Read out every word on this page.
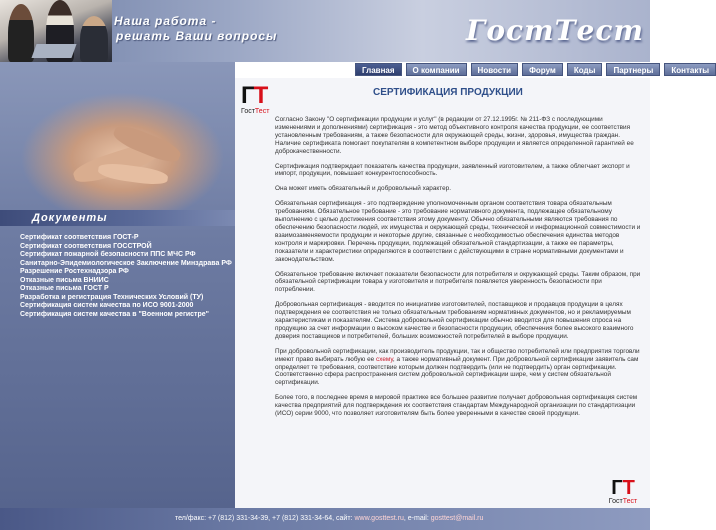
Наша работа -
решать Ваши вопросы	ГостТест
Главная	О компании	Новости	Форум	Коды	Партнеры	Контакты
Документы
Сертификат соответствия ГОСТ-Р
Сертификат соответствия ГОССТРОЙ
Сертификат пожарной безопасности ППС МЧС РФ
Санитарно-Эпидемиологическое Заключение Минздрава РФ
Разрешение Ростехнадзора РФ
Отказные письма ВНИИС
Отказные письма ГОСТ Р
Разработка и регистрация Технических Условий (ТУ)
Сертификация систем качества по ИСО 9001-2000
Сертификация систем качества в "Военном регистре"
ГТ
ГостТест
СЕРТИФИКАЦИЯ ПРОДУКЦИИ

Согласно Закону "О сертификации продукции и услуг" (в редакции от 27.12.1995г. № 211-ФЗ с последующими изменениями и дополнениями) сертификация - это метод объективного контроля качества продукции, ее соответствия установленным требованиям, а также безопасности для окружающей среды, жизни, здоровья, имущества граждан. Наличие сертификата помогает покупателям в компетентном выборе продукции и является определенной гарантией ее доброкачественности.

Сертификация подтверждает показатель качества продукции, заявленный изготовителем, а также облегчает экспорт и импорт, продукции, повышает конкурентоспособность.

Она может иметь обязательный и добровольный характер.

Обязательная сертификация - это подтверждение уполномоченным органом соответствия товара обязательным требованиям. Обязательное требование - это требование нормативного документа, подлежащее обязательному выполнению с целью достижения соответствия этому документу. Обычно обязательными являются требования по обеспечению безопасности людей, их имущества и окружающей среды, технической и информационной совместимости и взаимозаменяемости продукции и некоторые другие, связанные с необходимостью обеспечения единства методов контроля и маркировки. Перечень продукции, подлежащей обязательной стандартизации, а также ее параметры, показатели и характеристики определяются в соответствии с действующими в стране нормативными документами и законодательством.

Обязательное требование включает показатели безопасности для потребителя и окружающей среды. Таким образом, при обязательной сертификации товара у изготовителя и потребителя появляется уверенность безопасности при потреблении.

Добровольная сертификация - вводится по инициативе изготовителей, поставщиков и продавцов продукции в целях подтверждения ее соответствия не только обязательным требованиям нормативных документов, но и рекламируемым характеристикам и показателям. Система добровольной сертификации обычно вводится для повышения спроса на продукцию за счет информации о высоком качестве и безопасности продукции, обеспечения более высокого взаимного доверия поставщиков и потребителей, больших возможностей потребителей в выборе продукции.

При добровольной сертификации, как производитель продукции, так и общество потребителей или предприятия торговли имеют право выбирать любую ее схему, а также нормативный документ. При добровольной сертификации заявитель сам определяет те требования, соответствие которым должен подтвердить (или не подтвердить) орган сертификации. Соответственно сфера распространения систем добровольной сертификации шире, чем у систем обязательной сертификации.

Более того, в последнее время в мировой практике все большее развитие получает добровольная сертификация систем качества предприятий для подтверждения их соответствия стандартам Международной организации по стандартизации (ИСО) серии 9000, что позволяет изготовителям быть более уверенными в качестве своей продукции.

ГТ
ГостТест
тел/факс: +7 (812) 331-34-39, +7 (812) 331-34-64, сайт: www.gosttest.ru, e-mail: gosttest@mail.ru
